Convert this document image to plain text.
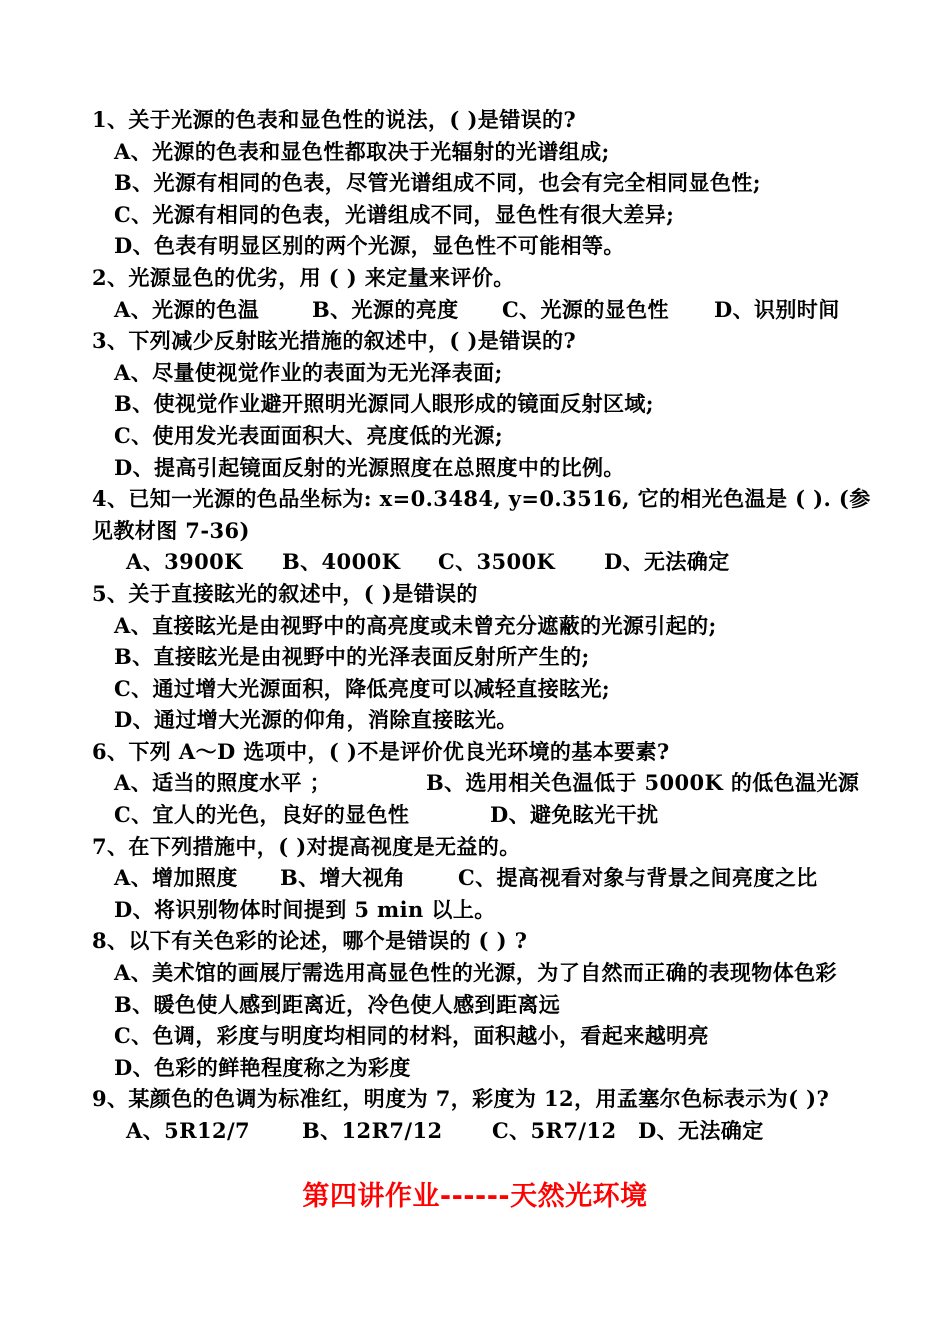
1、关于光源的色表和显色性的说法，( )是错误的?
A、光源的色表和显色性都取决于光辐射的光谱组成;
B、光源有相同的色表，尽管光谱组成不同，也会有完全相同显色性;
C、光源有相同的色表，光谱组成不同，显色性有很大差异;
D、色表有明显区别的两个光源，显色性不可能相等。
2、光源显色的优劣，用 ( ) 来定量来评价。
A、光源的色温	B、光源的亮度 C、光源的显色性 D、识别时间
3、下列减少反射眩光措施的叙述中，( )是错误的?
A、尽量使视觉作业的表面为无光泽表面;
B、使视觉作业避开照明光源同人眼形成的镜面反射区域;
C、使用发光表面面积大、亮度低的光源;
D、提高引起镜面反射的光源照度在总照度中的比例。
4、已知一光源的色品坐标为: x=0.3484, y=0.3516, 它的相光色温是 ( ). (参
见教材图 7-36)
A、3900K B、4000K C、3500K D、无法确定
5、关于直接眩光的叙述中，( )是错误的
A、直接眩光是由视野中的高亮度或未曾充分遮蔽的光源引起的;
B、直接眩光是由视野中的光泽表面反射所产生的;
C、通过增大光源面积，降低亮度可以减轻直接眩光;
D、通过增大光源的仰角，消除直接眩光。
6、下列 A～D 选项中，( )不是评价优良光环境的基本要素?
A、适当的照度水平 ；	B、选用相关色温低于 5000K 的低色温光源
C、宜人的光色，良好的显色性	D、避免眩光干扰
7、在下列措施中，( )对提高视度是无益的。
A、增加照度 B、增大视角	C、提高视看对象与背景之间亮度之比
D、将识别物体时间提到 5 min 以上。
8、以下有关色彩的论述，哪个是错误的 ( ) ?
A、美术馆的画展厅需选用高显色性的光源，为了自然而正确的表现物体色彩
B、暖色使人感到距离近，冷色使人感到距离远
C、色调，彩度与明度均相同的材料，面积越小，看起来越明亮
D、色彩的鲜艳程度称之为彩度
9、某颜色的色调为标准红，明度为 7，彩度为 12，用孟塞尔色标表示为( )?
A、5R12/7 B、12R7/12 C、5R7/12 D、无法确定
第四讲作业------天然光环境
